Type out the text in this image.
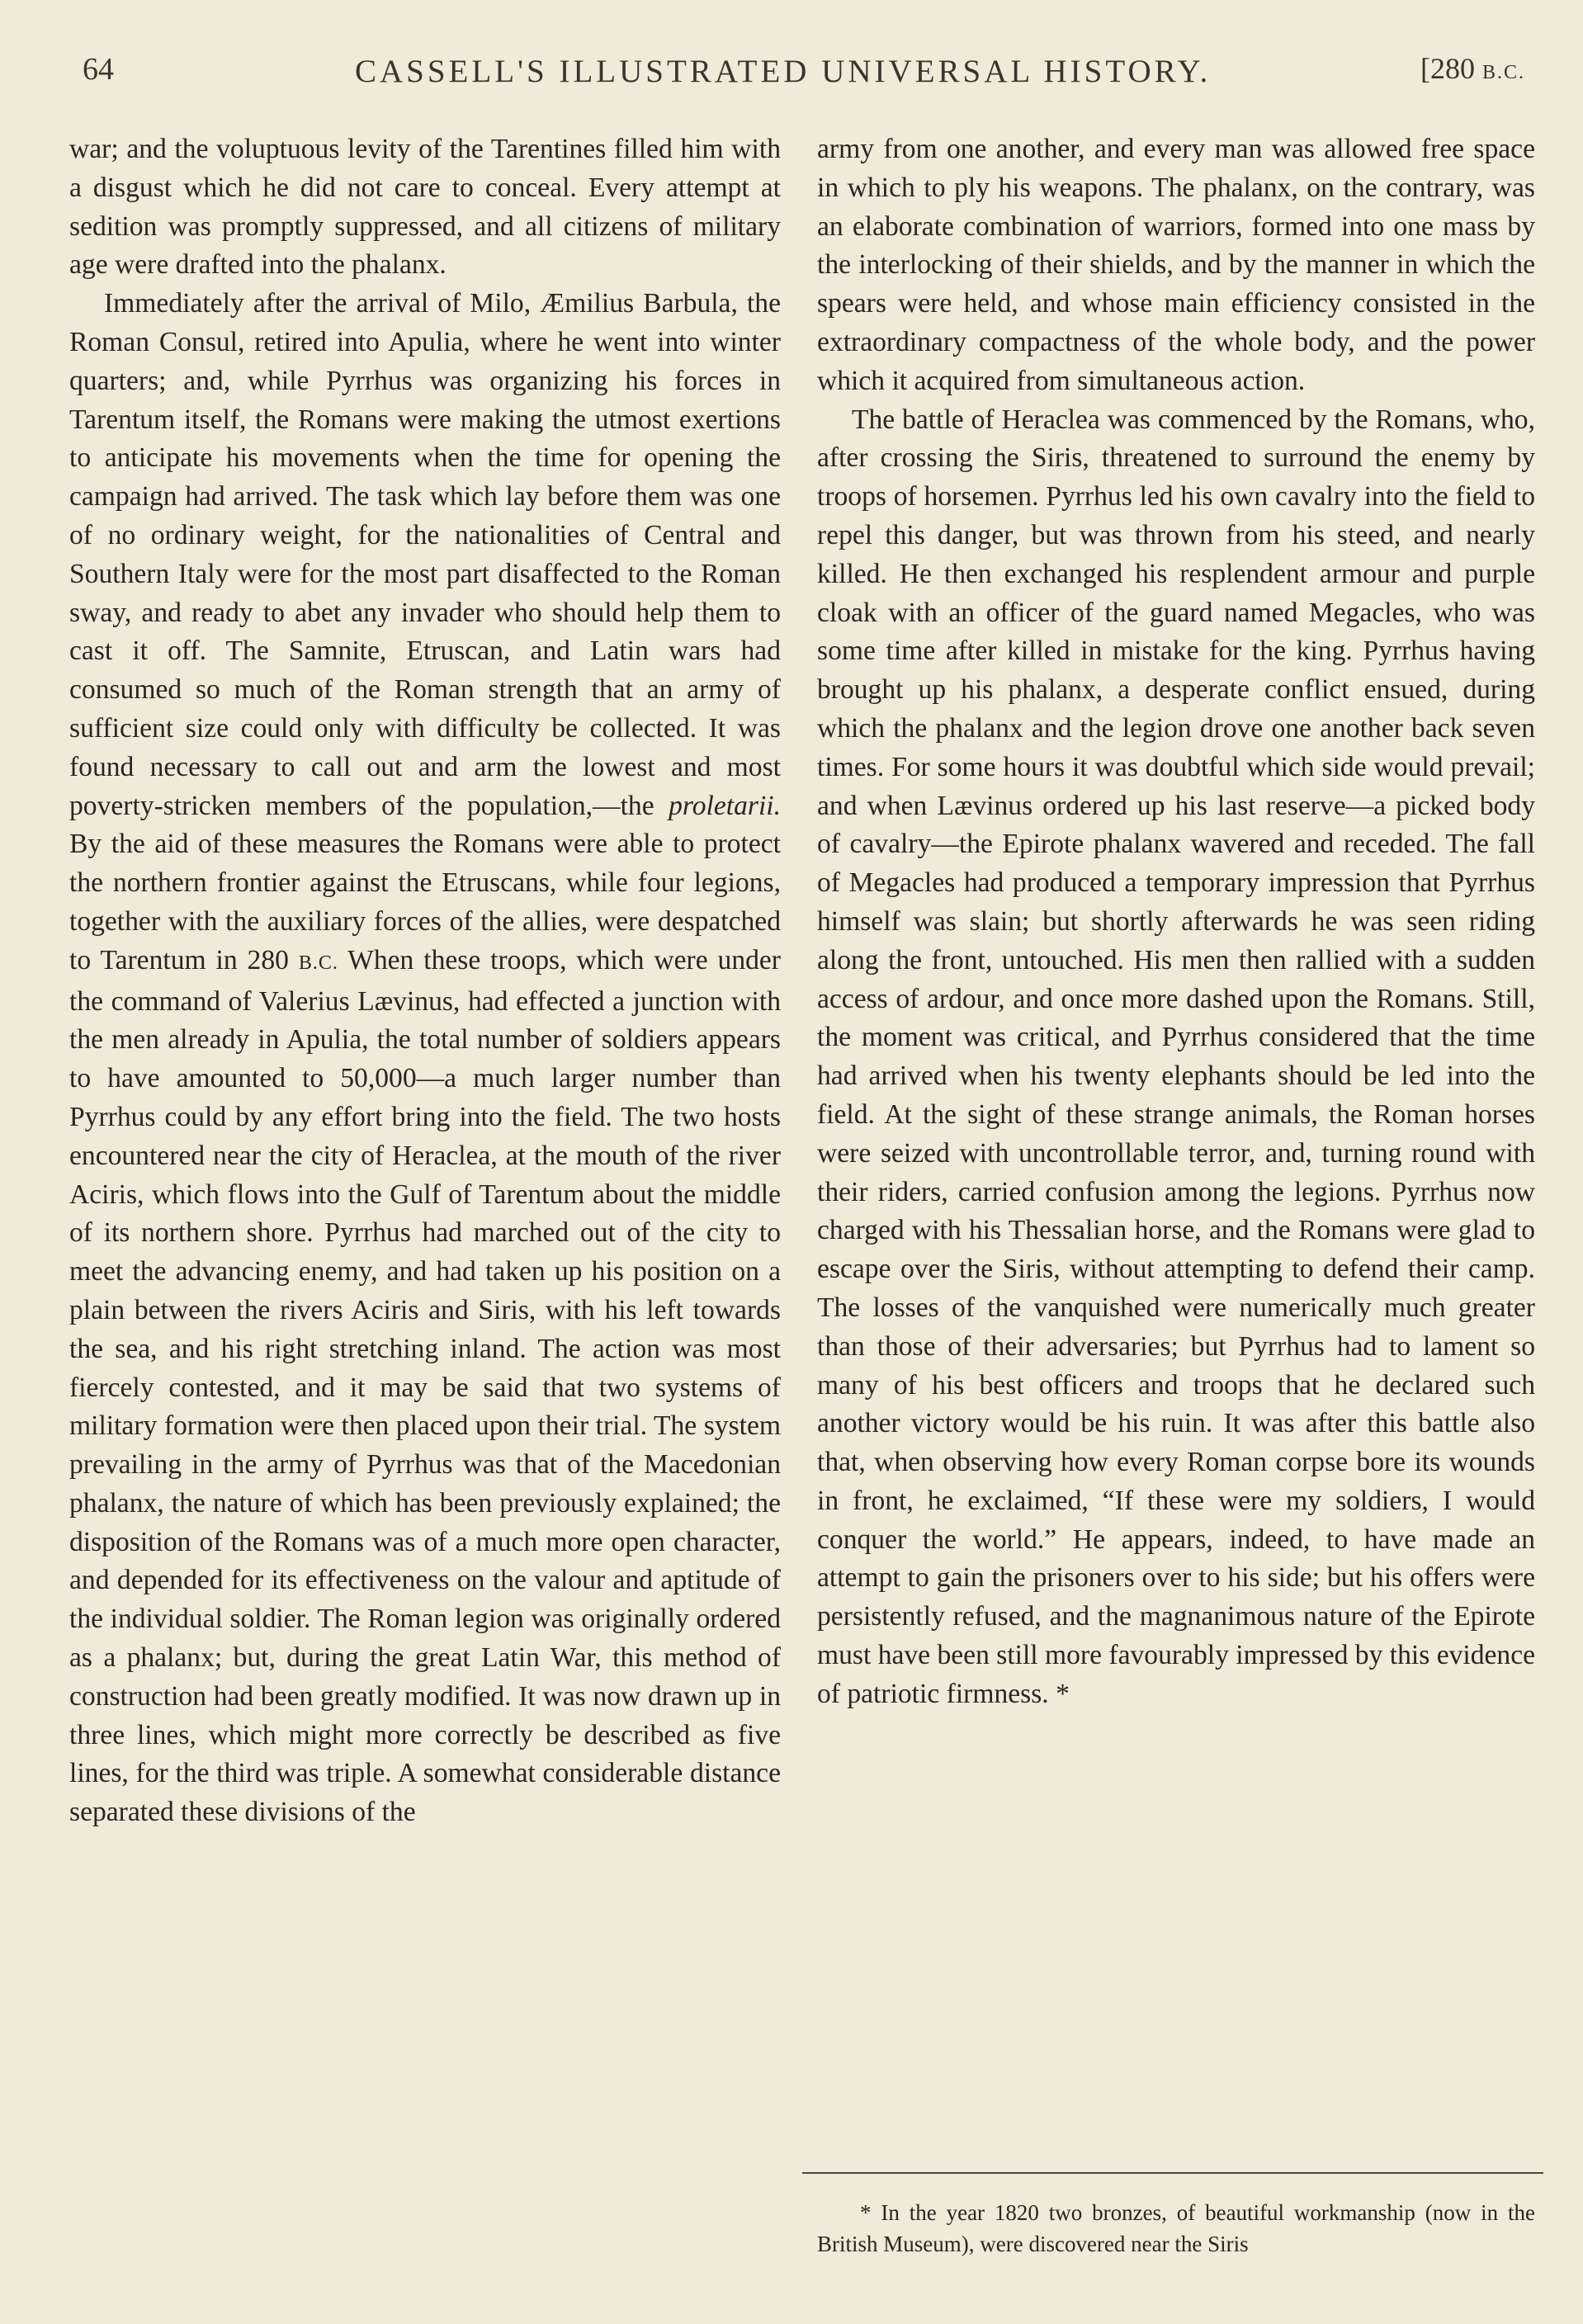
64	CASSELL'S ILLUSTRATED UNIVERSAL HISTORY.	[280 B.C.

war; and the voluptuous levity of the Tarentines filled him with a disgust which he did not care to conceal. Every attempt at sedition was promptly suppressed, and all citizens of military age were drafted into the phalanx.

Immediately after the arrival of Milo, Æmilius Barbula, the Roman Consul, retired into Apulia, where he went into winter quarters; and, while Pyrrhus was organizing his forces in Tarentum itself, the Romans were making the utmost exertions to anticipate his movements when the time for opening the campaign had arrived. The task which lay before them was one of no ordinary weight, for the nationalities of Central and Southern Italy were for the most part disaffected to the Roman sway, and ready to abet any invader who should help them to cast it off. The Samnite, Etruscan, and Latin wars had consumed so much of the Roman strength that an army of sufficient size could only with difficulty be collected. It was found necessary to call out and arm the lowest and most poverty-stricken members of the population,—the proletarii. By the aid of these measures the Romans were able to protect the northern frontier against the Etruscans, while four legions, together with the auxiliary forces of the allies, were despatched to Tarentum in 280 B.C. When these troops, which were under the command of Valerius Lævinus, had effected a junction with the men already in Apulia, the total number of soldiers appears to have amounted to 50,000—a much larger number than Pyrrhus could by any effort bring into the field. The two hosts encountered near the city of Heraclea, at the mouth of the river Aciris, which flows into the Gulf of Tarentum about the middle of its northern shore. Pyrrhus had marched out of the city to meet the advancing enemy, and had taken up his position on a plain between the rivers Aciris and Siris, with his left towards the sea, and his right stretching inland. The action was most fiercely contested, and it may be said that two systems of military formation were then placed upon their trial. The system prevailing in the army of Pyrrhus was that of the Macedonian phalanx, the nature of which has been previously explained; the disposition of the Romans was of a much more open character, and depended for its effectiveness on the valour and aptitude of the individual soldier. The Roman legion was originally ordered as a phalanx; but, during the great Latin War, this method of construction had been greatly modified. It was now drawn up in three lines, which might more correctly be described as five lines, for the third was triple. A somewhat considerable distance separated these divisions of the

army from one another, and every man was allowed free space in which to ply his weapons. The phalanx, on the contrary, was an elaborate combination of warriors, formed into one mass by the interlocking of their shields, and by the manner in which the spears were held, and whose main efficiency consisted in the extraordinary compactness of the whole body, and the power which it acquired from simultaneous action.

The battle of Heraclea was commenced by the Romans, who, after crossing the Siris, threatened to surround the enemy by troops of horsemen. Pyrrhus led his own cavalry into the field to repel this danger, but was thrown from his steed, and nearly killed. He then exchanged his resplendent armour and purple cloak with an officer of the guard named Megacles, who was some time after killed in mistake for the king. Pyrrhus having brought up his phalanx, a desperate conflict ensued, during which the phalanx and the legion drove one another back seven times. For some hours it was doubtful which side would prevail; and when Lævinus ordered up his last reserve—a picked body of cavalry—the Epirote phalanx wavered and receded. The fall of Megacles had produced a temporary impression that Pyrrhus himself was slain; but shortly afterwards he was seen riding along the front, untouched. His men then rallied with a sudden access of ardour, and once more dashed upon the Romans. Still, the moment was critical, and Pyrrhus considered that the time had arrived when his twenty elephants should be led into the field. At the sight of these strange animals, the Roman horses were seized with uncontrollable terror, and, turning round with their riders, carried confusion among the legions. Pyrrhus now charged with his Thessalian horse, and the Romans were glad to escape over the Siris, without attempting to defend their camp. The losses of the vanquished were numerically much greater than those of their adversaries; but Pyrrhus had to lament so many of his best officers and troops that he declared such another victory would be his ruin. It was after this battle also that, when observing how every Roman corpse bore its wounds in front, he exclaimed, “If these were my soldiers, I would conquer the world.” He appears, indeed, to have made an attempt to gain the prisoners over to his side; but his offers were persistently refused, and the magnanimous nature of the Epirote must have been still more favourably impressed by this evidence of patriotic firmness. *

* In the year 1820 two bronzes, of beautiful workmanship (now in the British Museum), were discovered near the Siris
